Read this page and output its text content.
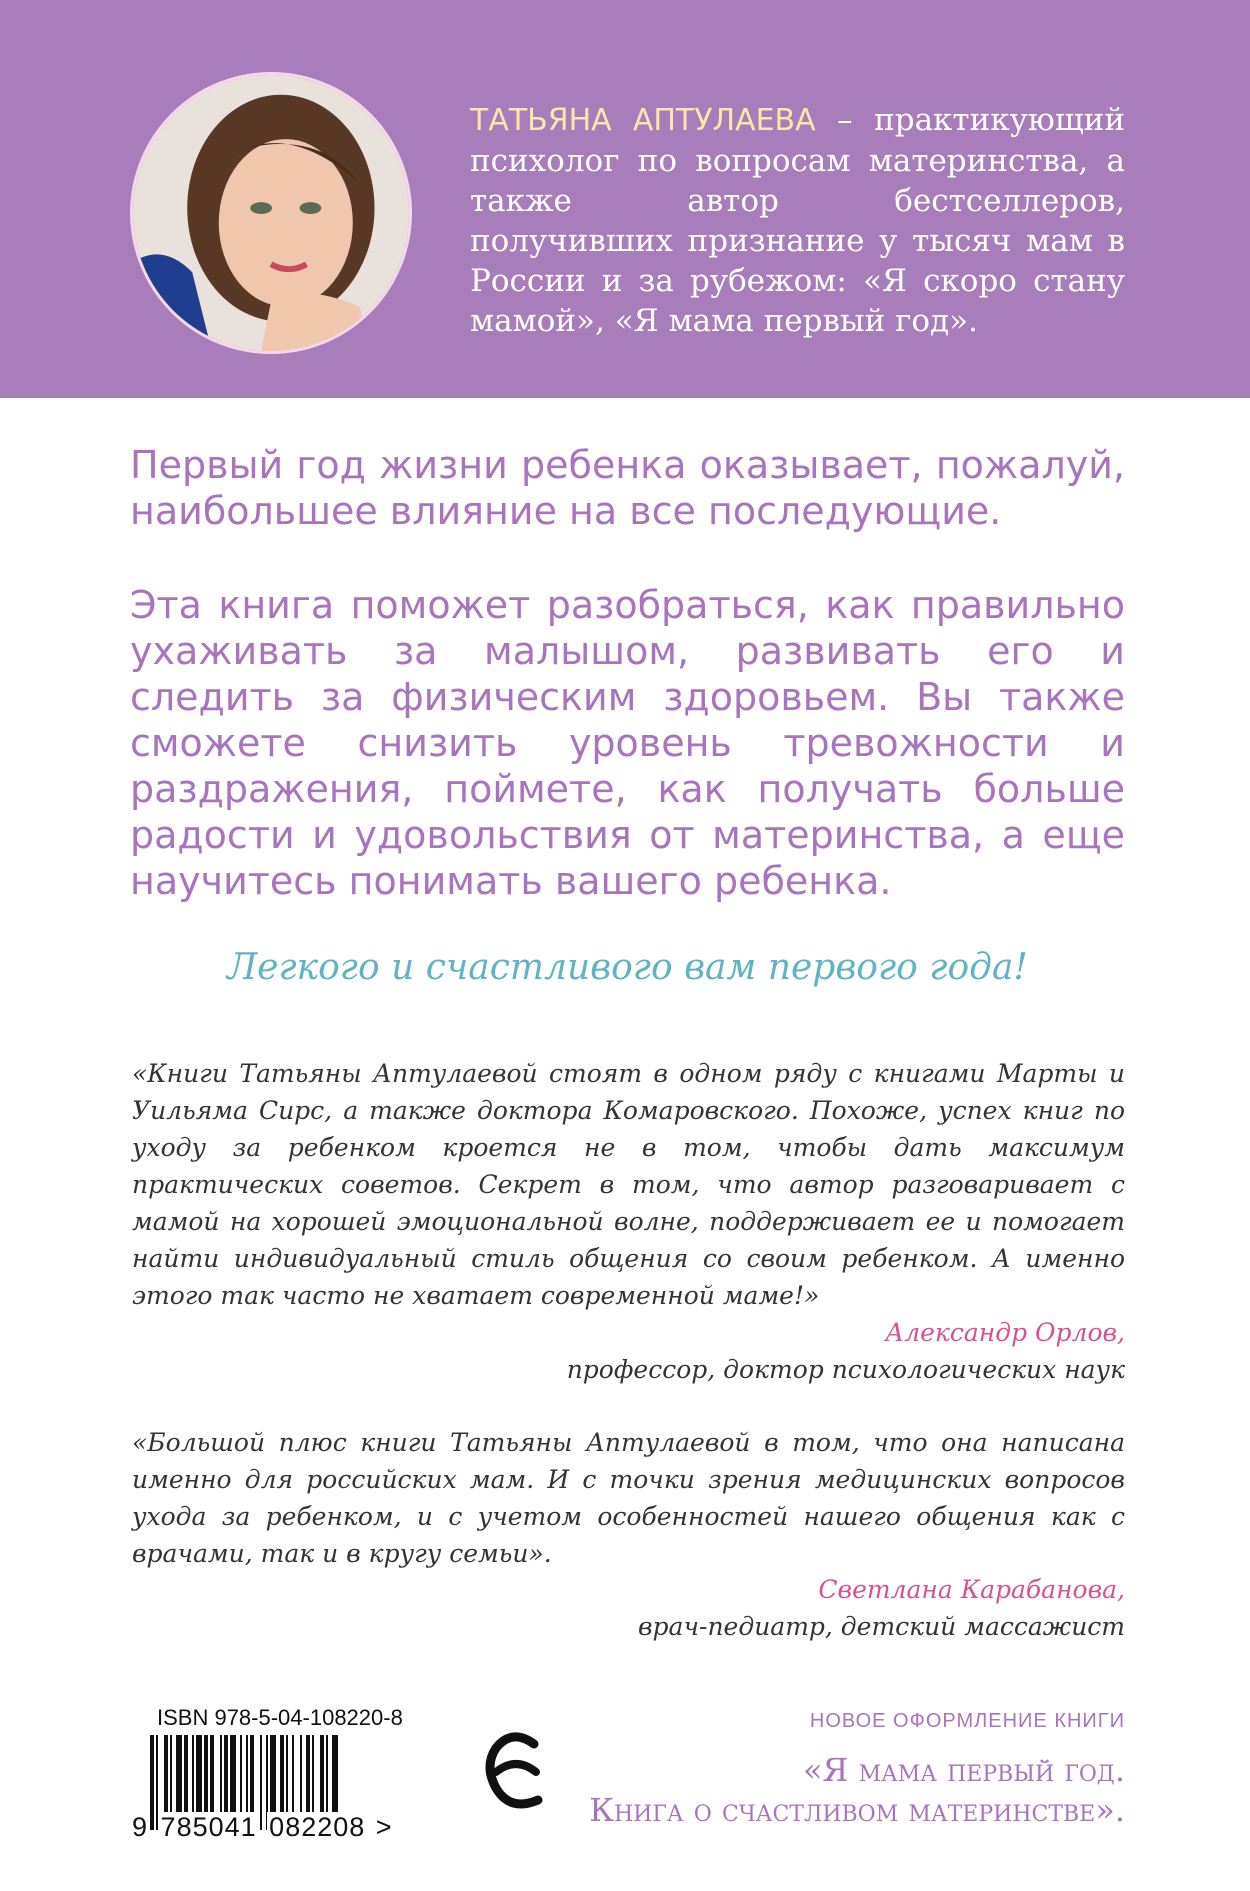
ТАТЬЯНА АПТУЛАЕВА – практикующий психолог по вопросам материнства, а также автор бестселлеров, получивших признание у тысяч мам в России и за рубежом: «Я скоро стану мамой», «Я мама первый год».

Первый год жизни ребенка оказывает, пожалуй, наибольшее влияние на все последующие.

Эта книга поможет разобраться, как правильно ухаживать за малышом, развивать его и следить за физическим здоровьем. Вы также сможете снизить уровень тревожности и раздражения, поймете, как получать больше радости и удовольствия от материнства, а еще научитесь понимать вашего ребенка.

Легкого и счастливого вам первого года!

«Книги Татьяны Аптулаевой стоят в одном ряду с книгами Марты и Уильяма Сирс, а также доктора Комаровского. Похоже, успех книг по уходу за ребенком кроется не в том, чтобы дать максимум практических советов. Секрет в том, что автор разговаривает с мамой на хорошей эмоциональной волне, поддерживает ее и помогает найти индивидуальный стиль общения со своим ребенком. А именно этого так часто не хватает современной маме!»

Александр Орлов,
профессор, доктор психологических наук

«Большой плюс книги Татьяны Аптулаевой в том, что она написана именно для российских мам. И с точки зрения медицинских вопросов ухода за ребенком, и с учетом особенностей нашего общения как с врачами, так и в кругу семьи».

Светлана Карабанова,
врач-педиатр, детский массажист
ISBN 978-5-04-108220-8
9 785041 082208 >
НОВОЕ ОФОРМЛЕНИЕ КНИГИ
«Я мама первый год.
Книга о счастливом материнстве».
